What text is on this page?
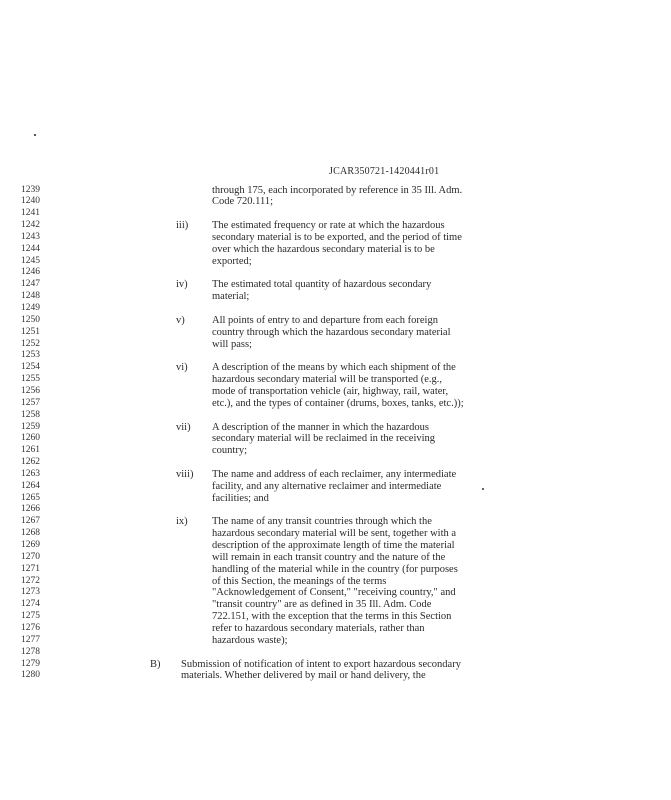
JCAR350721-1420441r01
1239
1240
1241
1242
1243
1244
1245
1246
1247
1248
1249
1250
1251
1252
1253
1254
1255
1256
1257
1258
1259
1260
1261
1262
1263
1264
1265
1266
1267
1268
1269
1270
1271
1272
1273
1274
1275
1276
1277
1278
1279
1280
through 175, each incorporated by reference in 35 Ill. Adm.
Code 720.111;
iii) The estimated frequency or rate at which the hazardous
secondary material is to be exported, and the period of time
over which the hazardous secondary material is to be
exported;
iv) The estimated total quantity of hazardous secondary
material;
v)	All points of entry to and departure from each foreign
country through which the hazardous secondary material
will pass;
vi) A description of the means by which each shipment of the
hazardous secondary material will be transported (e.g.,
mode of transportation vehicle (air, highway, rail, water,
etc.), and the types of container (drums, boxes, tanks, etc.));
vii) A description of the manner in which the hazardous
secondary material will be reclaimed in the receiving
country;
viii) The name and address of each reclaimer, any intermediate
facility, and any alternative reclaimer and intermediate
facilities; and
ix) The name of any transit countries through which the
hazardous secondary material will be sent, together with a
description of the approximate length of time the material
will remain in each transit country and the nature of the
handling of the material while in the country (for purposes
of this Section, the meanings of the terms
"Acknowledgement of Consent," "receiving country," and
"transit country" are as defined in 35 Ill. Adm. Code
722.151, with the exception that the terms in this Section
refer to hazardous secondary materials, rather than
hazardous waste);
B) Submission of notification of intent to export hazardous secondary
materials. Whether delivered by mail or hand delivery, the
